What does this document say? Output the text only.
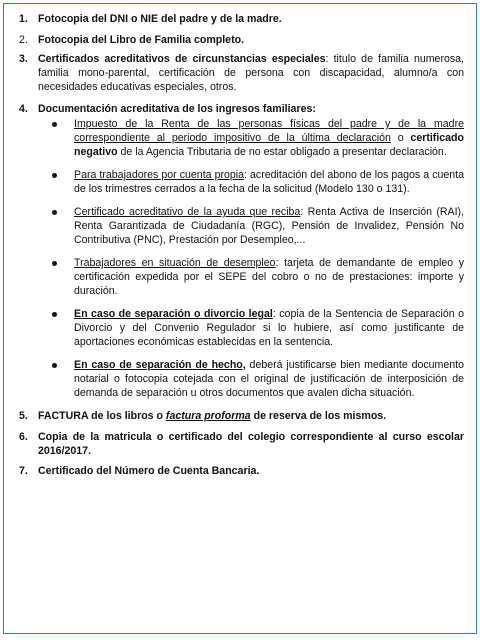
1. Fotocopia del DNI o NIE del padre y de la madre.
2. Fotocopia del Libro de Familia completo.
3. Certificados acreditativos de circunstancias especiales: titulo de familia numerosa, familia mono-parental, certificación de persona con discapacidad, alumno/a con necesidades educativas especiales, otros.
4. Documentación acreditativa de los ingresos familiares:
Impuesto de la Renta de las personas físicas del padre y de la madre correspondiente al periodo impositivo de la última declaración o certificado negativo de la Agencia Tributaria de no estar obligado a presentar declaración.
Para trabajadores por cuenta propia: acreditación del abono de los pagos a cuenta de los trimestres cerrados a la fecha de la solicitud (Modelo 130 o 131).
Certificado acreditativo de la ayuda que reciba: Renta Activa de Inserción (RAI), Renta Garantizada de Ciudadanía (RGC), Pensión de Invalidez, Pensión No Contributiva (PNC), Prestación por Desempleo,...
Trabajadores en situación de desempleo: tarjeta de demandante de empleo y certificación expedida por el SEPE del cobro o no de prestaciones: importe y duración.
En caso de separación o divorcio legal: copia de la Sentencia de Separación o Divorcio y del Convenio Regulador si lo hubiere, así como justificante de aportaciones económicas establecidas en la sentencia.
En caso de separación de hecho, deberá justificarse bien mediante documento notarial o fotocopia cotejada con el original de justificación de interposición de demanda de separación u otros documentos que avalen dicha situación.
5. FACTURA de los libros o factura proforma de reserva de los mismos.
6. Copia de la matricula o certificado del colegio correspondiente al curso escolar 2016/2017.
7. Certificado del Número de Cuenta Bancaria.
